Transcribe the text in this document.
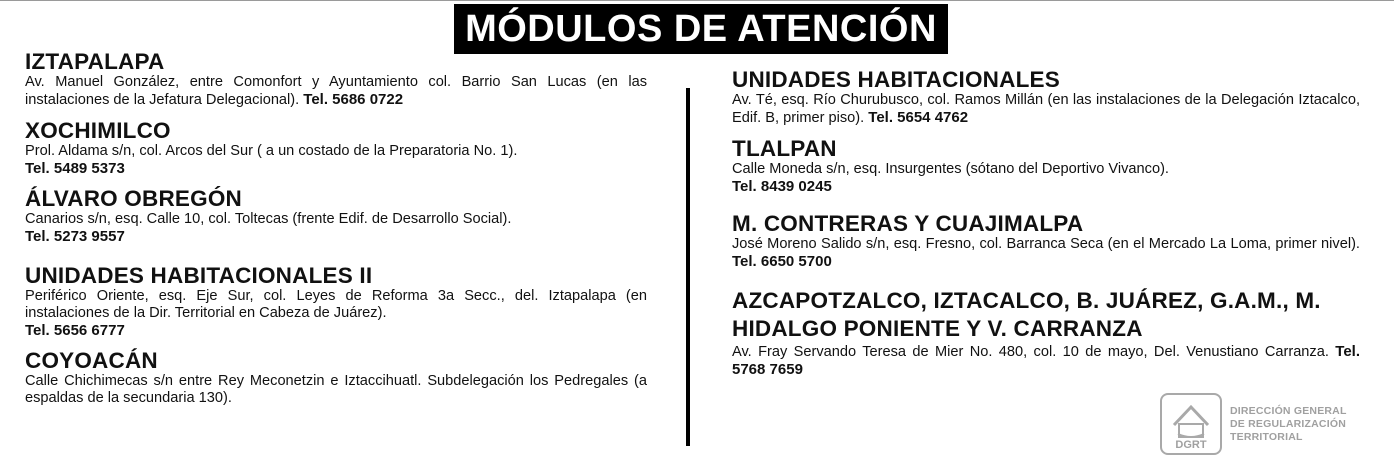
MÓDULOS DE ATENCIÓN
IZTAPALAPA

Av. Manuel González, entre Comonfort y Ayuntamiento col. Barrio San Lucas (en las instalaciones de la Jefatura Delegacional). Tel. 5686 0722

XOCHIMILCO

Prol. Aldama s/n, col. Arcos del Sur ( a un costado de la Preparatoria No. 1).
Tel. 5489 5373

ÁLVARO OBREGÓN

Canarios s/n, esq. Calle 10, col. Toltecas (frente Edif. de Desarrollo Social).
Tel. 5273 9557

UNIDADES HABITACIONALES II

Periférico Oriente, esq. Eje Sur, col. Leyes de Reforma 3a Secc., del. Iztapalapa (en instalaciones de la Dir. Territorial en Cabeza de Juárez).
Tel. 5656 6777

COYOACÁN

Calle Chichimecas s/n entre Rey Meconetzin e Iztaccihuatl. Subdelegación los Pedregales (a espaldas de la secundaria 130).

UNIDADES HABITACIONALES

Av. Té, esq. Río Churubusco, col. Ramos Millán (en las instalaciones de la Delegación Iztacalco, Edif. B, primer piso). Tel. 5654 4762

TLALPAN

Calle Moneda s/n, esq. Insurgentes (sótano del Deportivo Vivanco).
Tel. 8439 0245

M. CONTRERAS Y CUAJIMALPA

José Moreno Salido s/n, esq. Fresno, col. Barranca Seca (en el Mercado La Loma, primer nivel). Tel. 6650 5700

AZCAPOTZALCO, IZTACALCO, B. JUÁREZ, G.A.M., M. HIDALGO PONIENTE Y V. CARRANZA

Av. Fray Servando Teresa de Mier No. 480, col. 10 de mayo, Del. Venustiano Carranza. Tel. 5768 7659

DGRT
DIRECCIÓN GENERAL
DE REGULARIZACIÓN
TERRITORIAL
